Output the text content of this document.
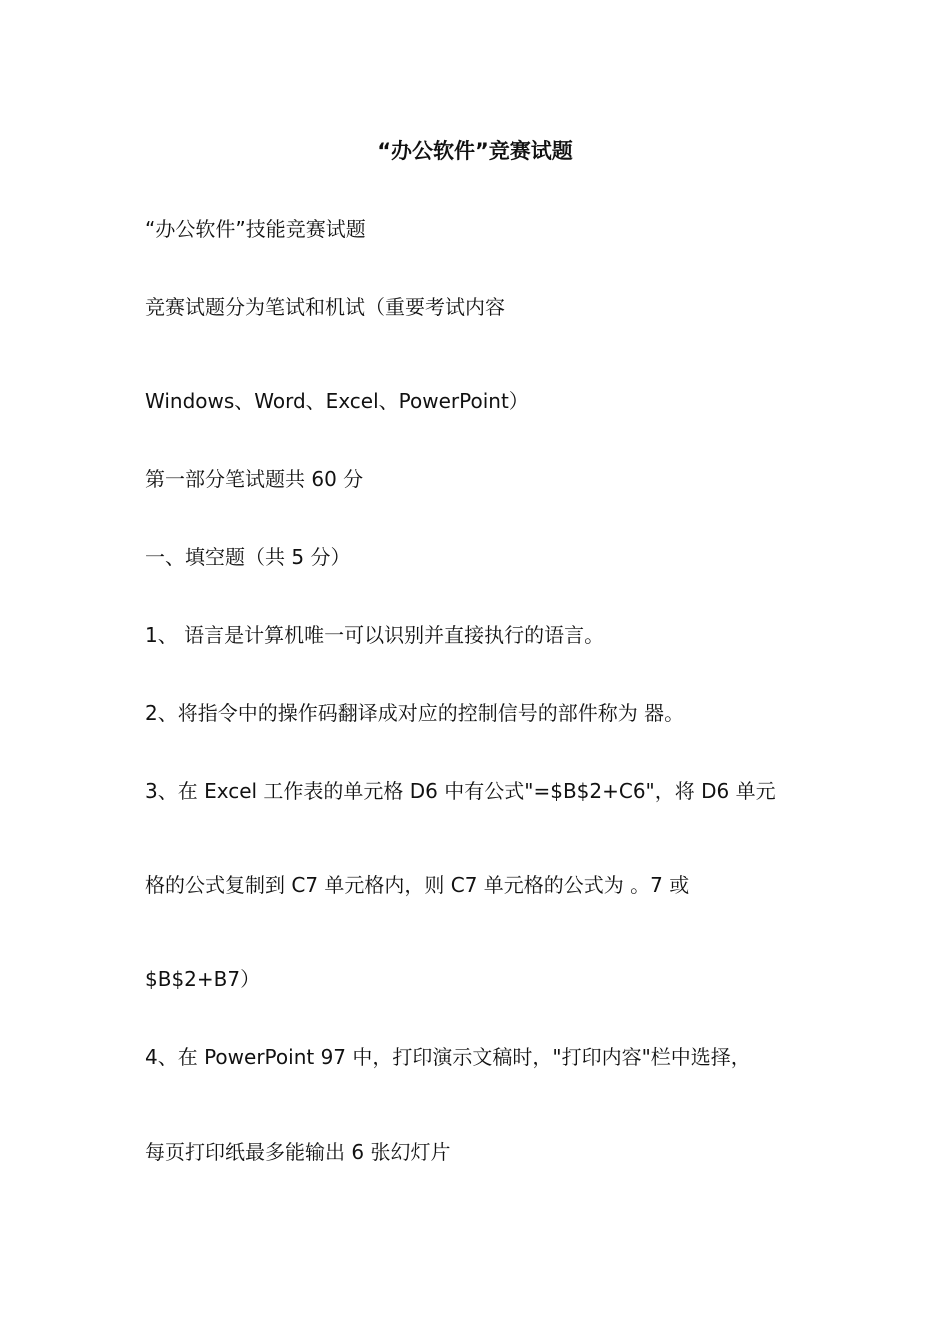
“办公软件”竞赛试题
“办公软件”技能竞赛试题
竞赛试题分为笔试和机试（重要考试内容
Windows、Word、Excel、PowerPoint）
第一部分笔试题共 60 分
一、填空题（共 5 分）
1、 语言是计算机唯一可以识别并直接执行的语言。
2、将指令中的操作码翻译成对应的控制信号的部件称为 器。
3、在 Excel 工作表的单元格 D6 中有公式"=$B$2+C6"，将 D6 单元
格的公式复制到 C7 单元格内，则 C7 单元格的公式为 。7 或
$B$2+B7）
4、在 PowerPoint 97 中，打印演示文稿时，"打印内容"栏中选择，
每页打印纸最多能输出 6 张幻灯片
